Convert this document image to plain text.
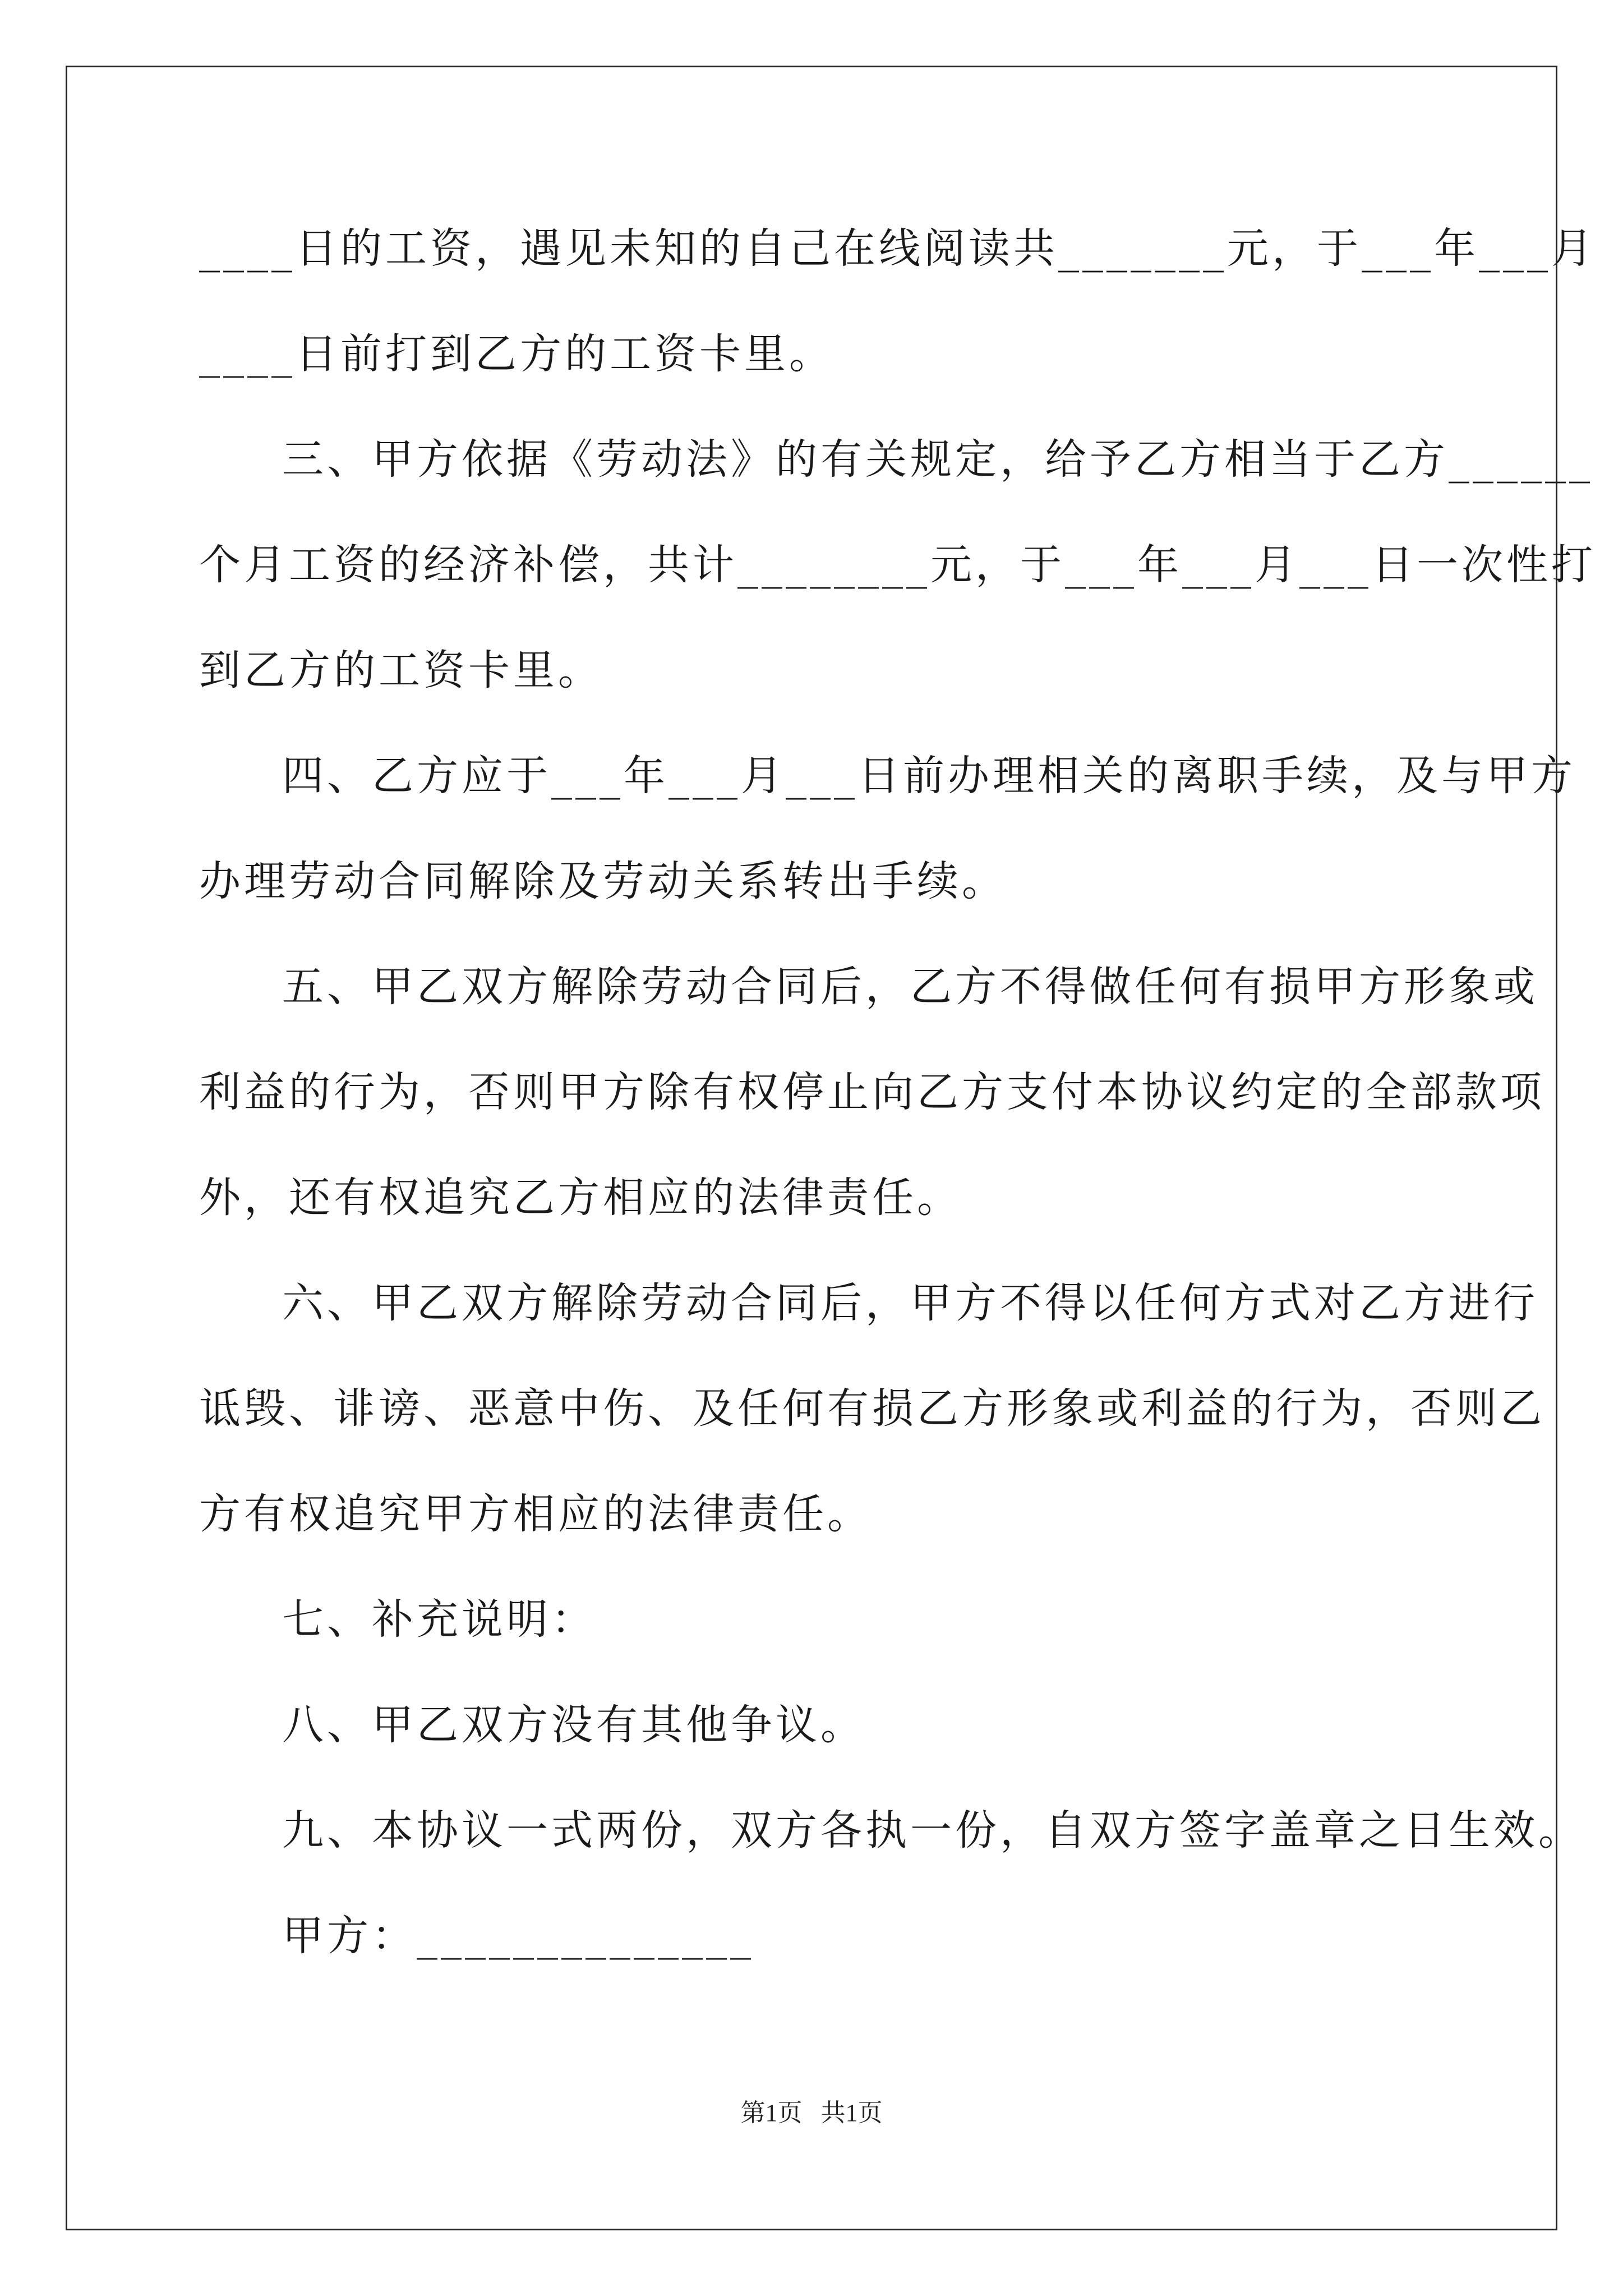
____日的工资，遇见未知的自己在线阅读共_______元，于___年___月

____日前打到乙方的工资卡里。

三、甲方依据《劳动法》的有关规定，给予乙方相当于乙方______

个月工资的经济补偿，共计________元，于___年___月___日一次性打

到乙方的工资卡里。

四、乙方应于___年___月___日前办理相关的离职手续，及与甲方

办理劳动合同解除及劳动关系转出手续。

五、甲乙双方解除劳动合同后，乙方不得做任何有损甲方形象或

利益的行为，否则甲方除有权停止向乙方支付本协议约定的全部款项

外，还有权追究乙方相应的法律责任。

六、甲乙双方解除劳动合同后，甲方不得以任何方式对乙方进行

诋毁、诽谤、恶意中伤、及任何有损乙方形象或利益的行为，否则乙

方有权追究甲方相应的法律责任。

七、补充说明：

八、甲乙双方没有其他争议。

九、本协议一式两份，双方各执一份，自双方签字盖章之日生效。

甲方：______________

第1页   共1页
